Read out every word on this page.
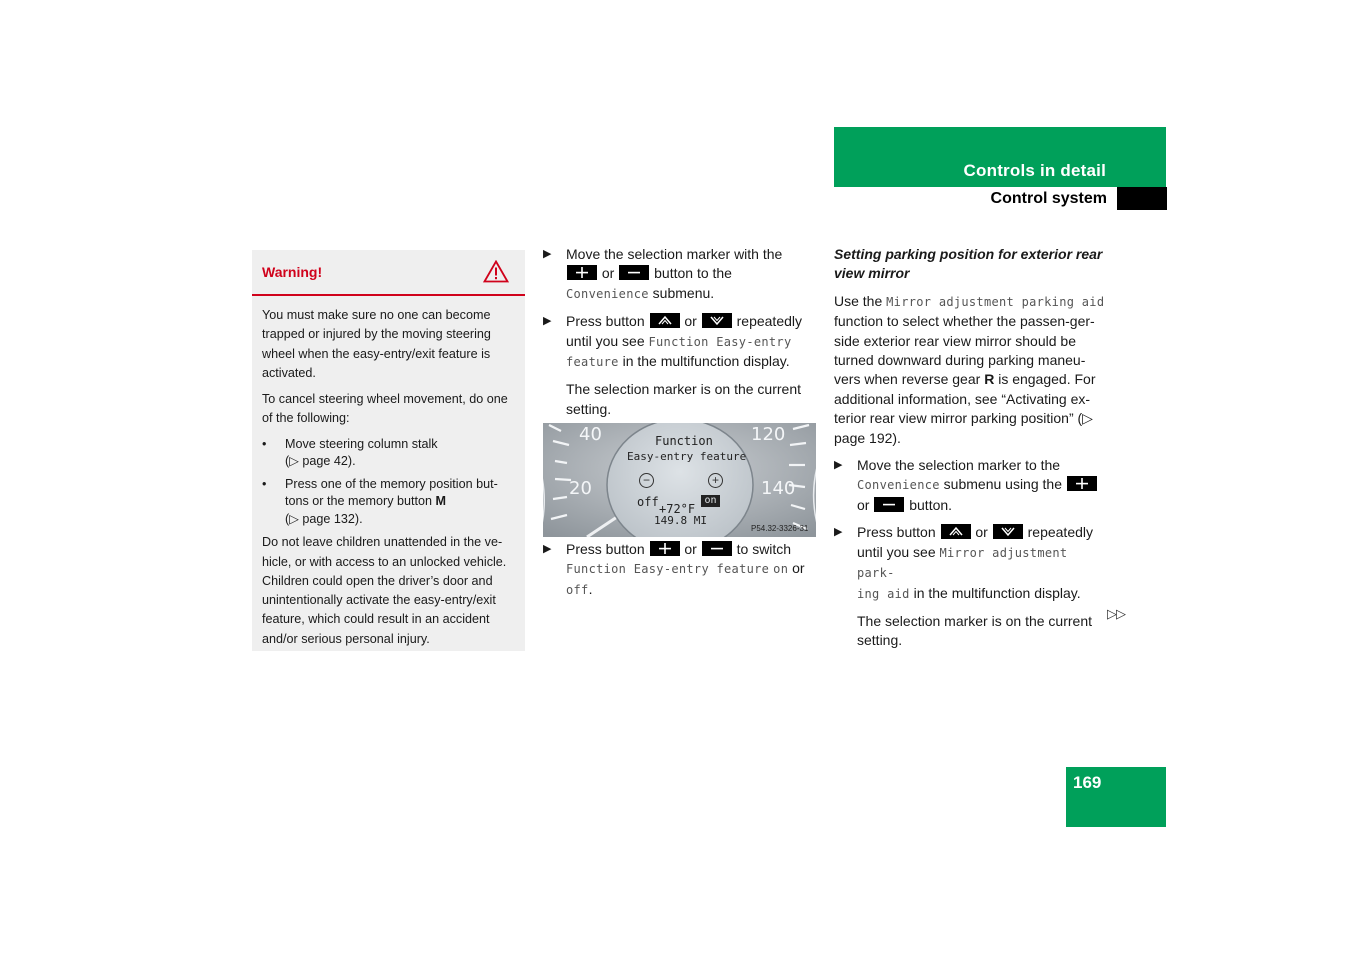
Controls in detail
Control system
Warning!

You must make sure no one can become trapped or injured by the moving steering wheel when the easy-entry/exit feature is activated.

To cancel steering wheel movement, do one of the following:

• Move steering column stalk
(▷ page 42).
• Press one of the memory position but-tons or the memory button M
(▷ page 132).

Do not leave children unattended in the ve-hicle, or with access to an unlocked vehicle. Children could open the driver’s door and unintentionally activate the easy-entry/exit feature, which could result in an accident and/or serious personal injury.

▶ Move the selection marker with the

or	button to the
Convenience submenu.
▶ Press button	or	repeatedly
until you see Function Easy-entry
feature in the multifunction display.
The selection marker is on the current setting.
40
20
120
140
Function
Easy-entry feature
−	+
off	on
+72°F
149.8 MI
P54.32-3326-31
▶ Press button	or	to switch
Function Easy-entry feature on or
off.
Setting parking position for exterior rear view mirror
Use the Mirror adjustment parking aid function to select whether the passen-ger-side exterior rear view mirror should be turned downward during parking maneu-vers when reverse gear R is engaged. For additional information, see “Activating ex-terior rear view mirror parking position” (▷ page 192).
▶ Move the selection marker to the
Convenience submenu using the

or	button.
▶ Press button	or	repeatedly
until you see Mirror adjustment park-
ing aid in the multifunction display.
The selection marker is on the current setting.
▷▷
169
